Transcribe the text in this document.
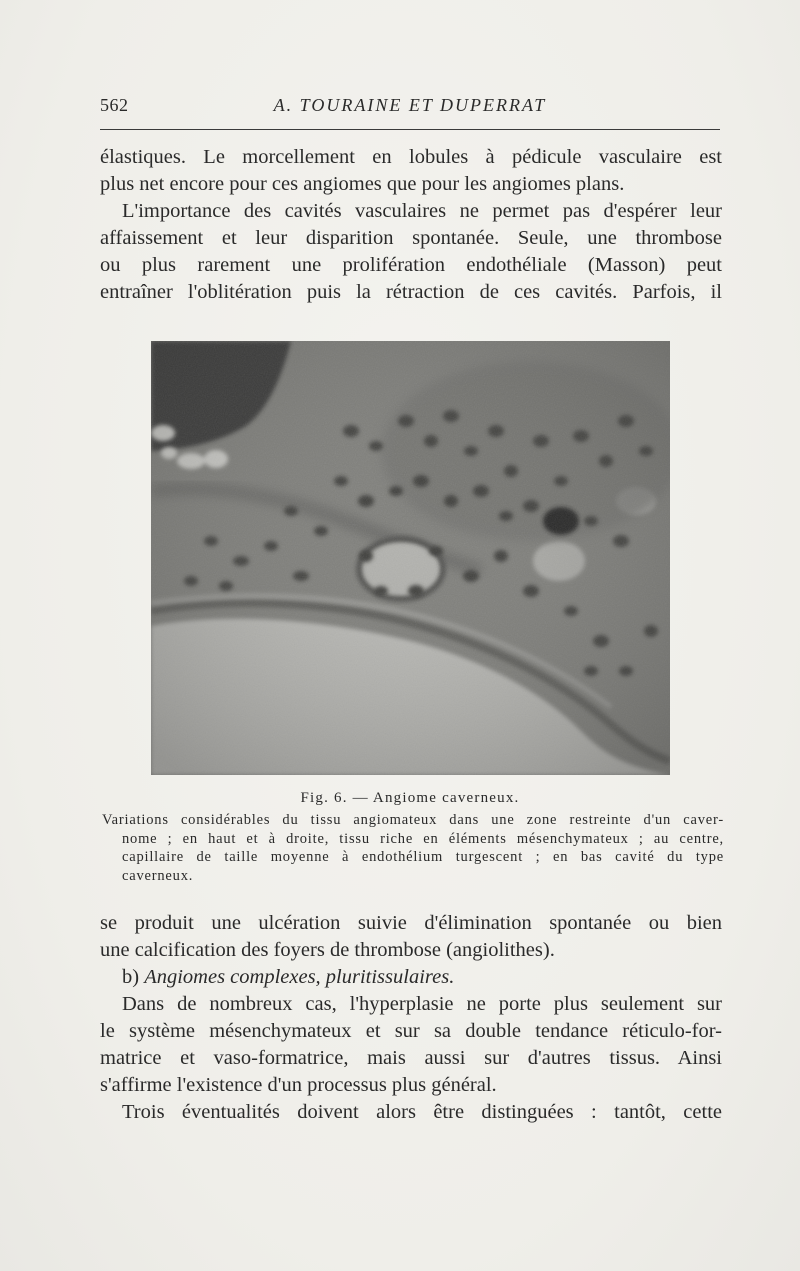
562	A. TOURAINE ET DUPERRAT

élastiques. Le morcellement en lobules à pédicule vasculaire est
plus net encore pour ces angiomes que pour les angiomes plans.
L'importance des cavités vasculaires ne permet pas d'espérer leur
affaissement et leur disparition spontanée. Seule, une thrombose
ou plus rarement une prolifération endothéliale (Masson) peut
entraîner l'oblitération puis la rétraction de ces cavités. Parfois, il

Fig. 6. — Angiome caverneux.
Variations considérables du tissu angiomateux dans une zone restreinte d'un caver-
nome ; en haut et à droite, tissu riche en éléments mésenchymateux ; au centre,
capillaire de taille moyenne à endothélium turgescent ; en bas cavité du type
caverneux.

se produit une ulcération suivie d'élimination spontanée ou bien
une calcification des foyers de thrombose (angiolithes).
b) Angiomes complexes, pluritissulaires.
Dans de nombreux cas, l'hyperplasie ne porte plus seulement sur
le système mésenchymateux et sur sa double tendance réticulo-for-
matrice et vaso-formatrice, mais aussi sur d'autres tissus. Ainsi
s'affirme l'existence d'un processus plus général.
Trois éventualités doivent alors être distinguées : tantôt, cette
